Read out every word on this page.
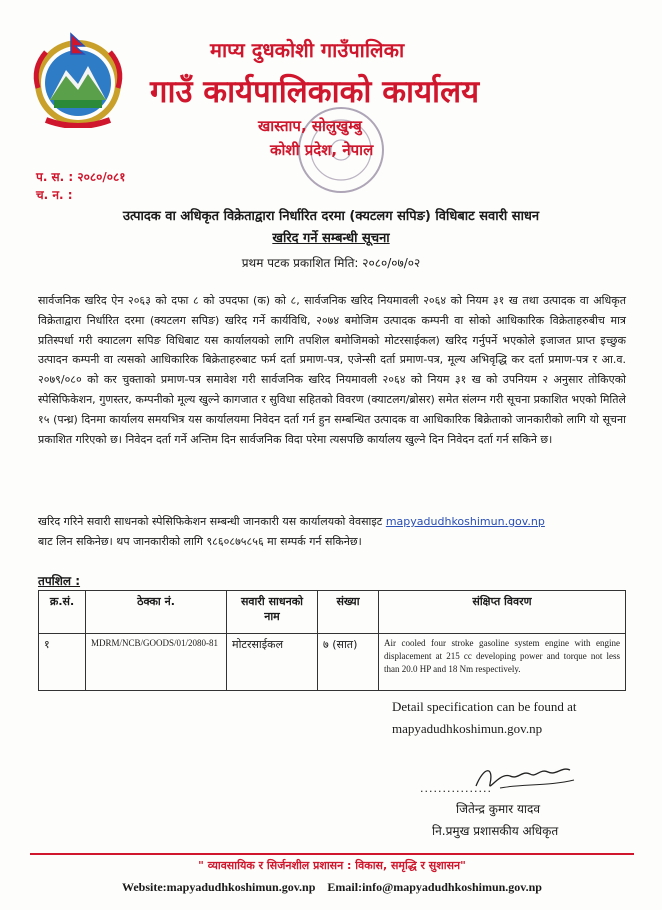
माप्य दुधकोशी गाउँपालिका
गाउँ कार्यपालिकाको कार्यालय
खास्ताप, सोलुखुम्बु
कोशी प्रदेश, नेपाल
प. स. : २०८०/०८१
च. न. :
उत्पादक वा अधिकृत विक्रेताद्वारा निर्धारित दरमा (क्यटलग सपिङ) विधिबाट सवारी साधन
खरिद गर्ने सम्बन्धी सूचना
प्रथम पटक प्रकाशित मिति: २०८०/०७/०२
सार्वजनिक खरिद ऐन २०६३ को दफा ८ को उपदफा (क) को ८, सार्वजनिक खरिद नियमावली २०६४ को नियम ३१ ख तथा उत्पादक वा अधिकृत विक्रेताद्वारा निर्धारित दरमा (क्यटलग सपिङ) खरिद गर्ने कार्यविधि, २०७४ बमोजिम उत्पादक कम्पनी वा सोको आधिकारिक विक्रेताहरुबीच मात्र प्रतिस्पर्धा गरी क्याटलग सपिङ विधिबाट यस कार्यालयको लागि तपशिल बमोजिमको मोटरसाईकल) खरिद गर्नुपर्ने भएकोले इजाजत प्राप्त इच्छुक उत्पादन कम्पनी वा त्यसको आधिकारिक बिक्रेताहरुबाट फर्म दर्ता प्रमाण-पत्र, एजेन्सी दर्ता प्रमाण-पत्र, मूल्य अभिवृद्धि कर दर्ता प्रमाण-पत्र र आ.व. २०७९/०८० को कर चुक्ताको प्रमाण-पत्र समावेश गरी सार्वजनिक खरिद नियमावली २०६४ को नियम ३१ ख को उपनियम २ अनुसार तोकिएको स्पेसिफिकेशन, गुणस्तर, कम्पनीको मूल्य खुल्ने कागजात र सुविधा सहितको विवरण (क्याटलग/ब्रोसर) समेत संलग्न गरी सूचना प्रकाशित भएको मितिले १५ (पन्ध्र) दिनमा कार्यालय समयभित्र यस कार्यालयमा निवेदन दर्ता गर्न हुन सम्बन्धित उत्पादक वा आधिकारिक बिक्रेताको जानकारीको लागि यो सूचना प्रकाशित गरिएको छ। निवेदन दर्ता गर्ने अन्तिम दिन सार्वजनिक विदा परेमा त्यसपछि कार्यालय खुल्ने दिन निवेदन दर्ता गर्न सकिने छ।
खरिद गरिने सवारी साधनको स्पेसिफिकेशन सम्बन्धी जानकारी यस कार्यालयको वेवसाइट mapyadudhkoshimun.gov.np
बाट लिन सकिनेछ। थप जानकारीको लागि ९८६०८७५८५६ मा सम्पर्क गर्न सकिनेछ।
तपशिल :
क्र.सं.	ठेक्का नं.	सवारी साधनको नाम	संख्या	संक्षिप्त विवरण
१	MDRM/NCB/GOODS/01/2080-81	मोटरसाईकल	७ (सात)	Air cooled four stroke gasoline system engine with engine displacement at 215 cc developing power and torque not less than 20.0 HP and 18 Nm respectively.
Detail specification can be found at
mapyadudhkoshimun.gov.np
................
जितेन्द्र कुमार यादव
नि.प्रमुख प्रशासकीय अधिकृत
" व्यावसायिक र सिर्जनशील प्रशासन : विकास, समृद्धि र सुशासन"
Website:mapyadudhkoshimun.gov.np Email:info@mapyadudhkoshimun.gov.np
